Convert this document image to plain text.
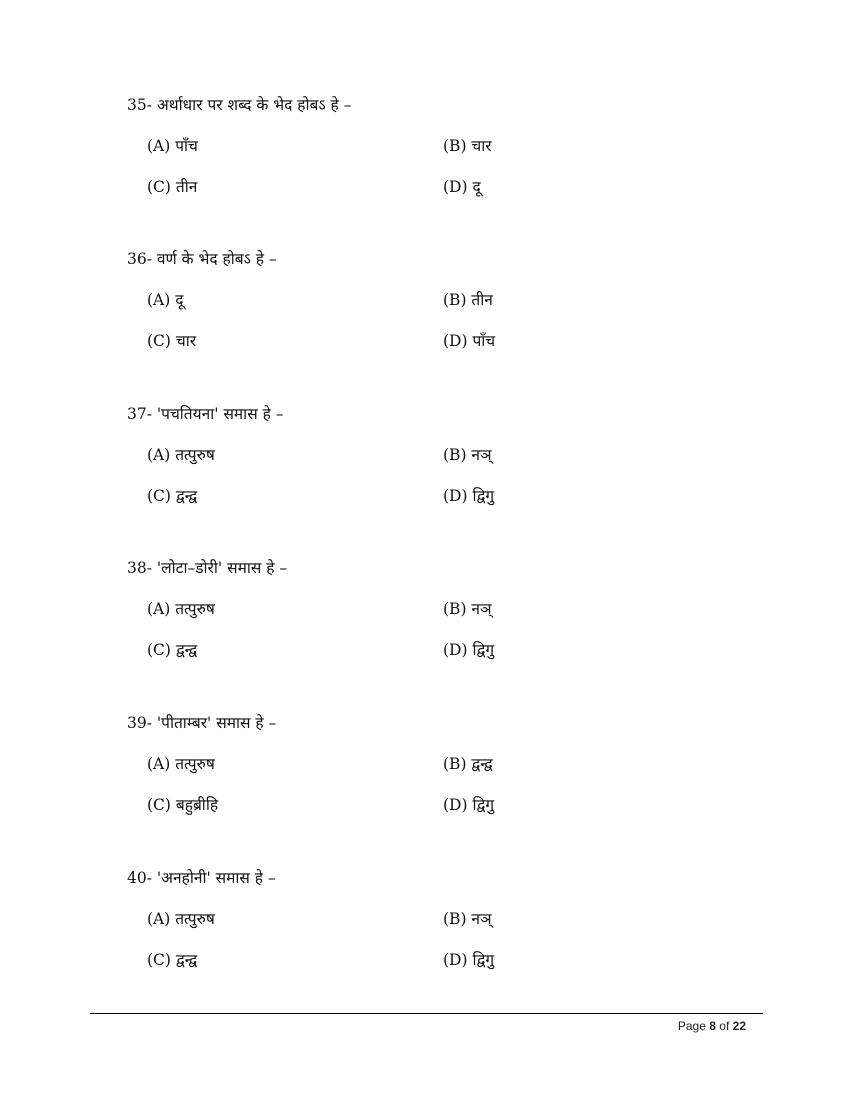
35- अर्थाधार पर शब्द के भेद होबऽ हे –
(A) पाँच	(B) चार
(C) तीन	(D) दू
36- वर्ण के भेद होबऽ हे –
(A) दू	(B) तीन
(C) चार	(D) पाँच
37- 'पचतियना' समास हे –
(A) तत्पुरुष	(B) नञ्
(C) द्वन्द्व	(D) द्विगु
38- 'लोटा–डोरी' समास हे –
(A) तत्पुरुष	(B) नञ्
(C) द्वन्द्व	(D) द्विगु
39- 'पीताम्बर' समास हे –
(A) तत्पुरुष	(B) द्वन्द्व
(C) बहुब्रीहि	(D) द्विगु
40- 'अनहोनी' समास हे –
(A) तत्पुरुष	(B) नञ्
(C) द्वन्द्व	(D) द्विगु
Page 8 of 22
